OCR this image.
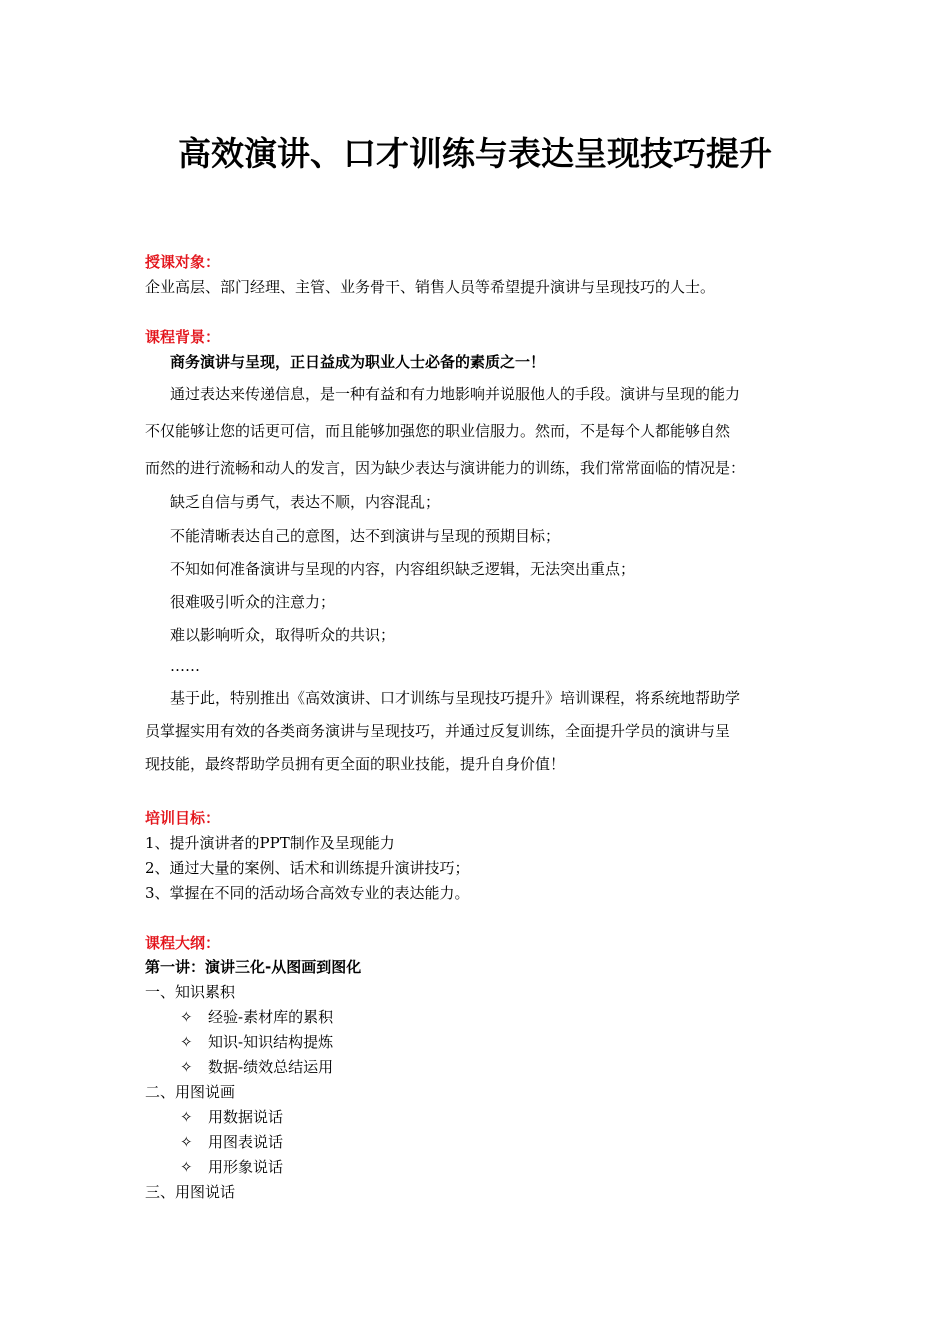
高效演讲、口才训练与表达呈现技巧提升
授课对象：
企业高层、部门经理、主管、业务骨干、销售人员等希望提升演讲与呈现技巧的人士。
课程背景：
商务演讲与呈现，正日益成为职业人士必备的素质之一！
通过表达来传递信息，是一种有益和有力地影响并说服他人的手段。演讲与呈现的能力
不仅能够让您的话更可信，而且能够加强您的职业信服力。然而，不是每个人都能够自然
而然的进行流畅和动人的发言，因为缺少表达与演讲能力的训练，我们常常面临的情况是：
缺乏自信与勇气，表达不顺，内容混乱；
不能清晰表达自己的意图，达不到演讲与呈现的预期目标；
不知如何准备演讲与呈现的内容，内容组织缺乏逻辑，无法突出重点；
很难吸引听众的注意力；
难以影响听众，取得听众的共识；
……
基于此，特别推出《高效演讲、口才训练与呈现技巧提升》培训课程，将系统地帮助学
员掌握实用有效的各类商务演讲与呈现技巧，并通过反复训练，全面提升学员的演讲与呈
现技能，最终帮助学员拥有更全面的职业技能，提升自身价值！
培训目标：
1、提升演讲者的PPT制作及呈现能力
2、通过大量的案例、话术和训练提升演讲技巧；
3、掌握在不同的活动场合高效专业的表达能力。
课程大纲：
第一讲：演讲三化-从图画到图化
一、知识累积
✧	经验-素材库的累积
✧	知识-知识结构提炼
✧	数据-绩效总结运用
二、用图说画
✧	用数据说话
✧	用图表说话
✧	用形象说话
三、用图说话
